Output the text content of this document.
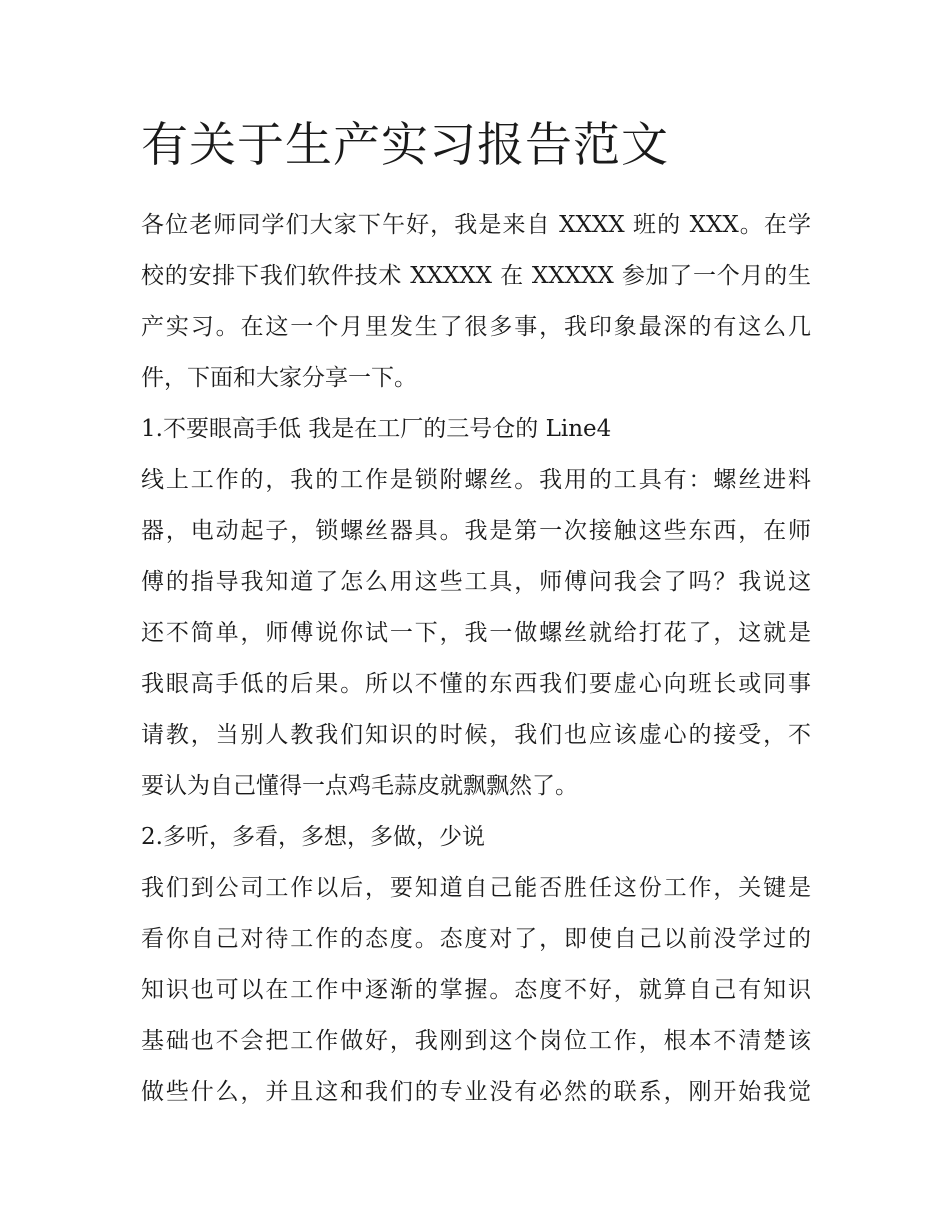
有关于生产实习报告范文

各位老师同学们大家下午好，我是来自 XXXX 班的 XXX。在学

校的安排下我们软件技术 XXXXX 在 XXXXX 参加了一个月的生

产实习。在这一个月里发生了很多事，我印象最深的有这么几

件，下面和大家分享一下。

1.不要眼高手低 我是在工厂的三号仓的 Line4

线上工作的，我的工作是锁附螺丝。我用的工具有：螺丝进料

器，电动起子，锁螺丝器具。我是第一次接触这些东西，在师

傅的指导我知道了怎么用这些工具，师傅问我会了吗？我说这

还不简单，师傅说你试一下，我一做螺丝就给打花了，这就是

我眼高手低的后果。所以不懂的东西我们要虚心向班长或同事

请教，当别人教我们知识的时候，我们也应该虚心的接受，不

要认为自己懂得一点鸡毛蒜皮就飘飘然了。

2.多听，多看，多想，多做，少说

我们到公司工作以后，要知道自己能否胜任这份工作，关键是

看你自己对待工作的态度。态度对了，即使自己以前没学过的

知识也可以在工作中逐渐的掌握。态度不好，就算自己有知识

基础也不会把工作做好，我刚到这个岗位工作，根本不清楚该

做些什么，并且这和我们的专业没有必然的联系，刚开始我觉
